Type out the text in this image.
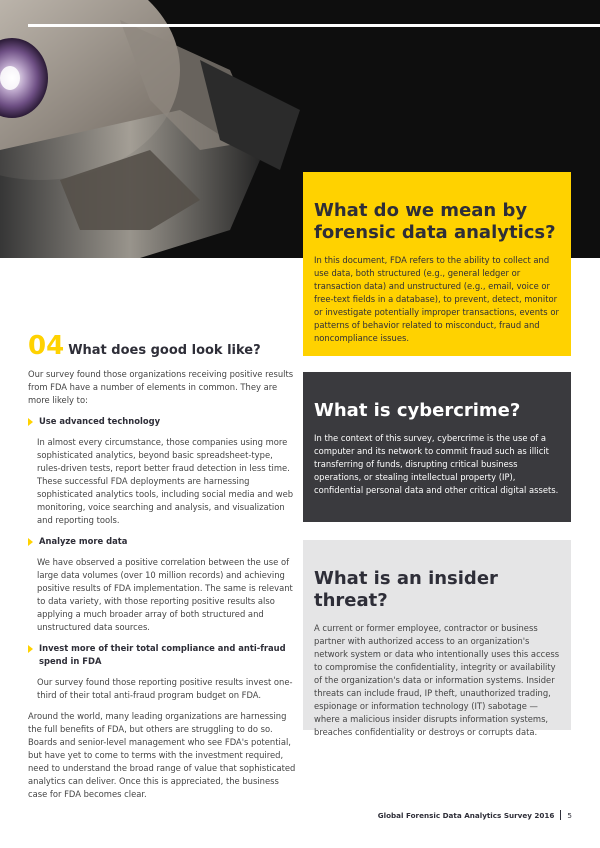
What do we mean by forensic data analytics?

In this document, FDA refers to the ability to collect and use data, both structured (e.g., general ledger or transaction data) and unstructured (e.g., email, voice or free-text fields in a database), to prevent, detect, monitor or investigate potentially improper transactions, events or patterns of behavior related to misconduct, fraud and noncompliance issues.

04 What does good look like?

Our survey found those organizations receiving positive results from FDA have a number of elements in common. They are more likely to:

Use advanced technology

In almost every circumstance, those companies using more sophisticated analytics, beyond basic spreadsheet-type, rules-driven tests, report better fraud detection in less time. These successful FDA deployments are harnessing sophisticated analytics tools, including social media and web monitoring, voice searching and analysis, and visualization and reporting tools.

Analyze more data

We have observed a positive correlation between the use of large data volumes (over 10 million records) and achieving positive results of FDA implementation. The same is relevant to data variety, with those reporting positive results also applying a much broader array of both structured and unstructured data sources.

Invest more of their total compliance and anti-fraud spend in FDA

Our survey found those reporting positive results invest one-third of their total anti-fraud program budget on FDA.

Around the world, many leading organizations are harnessing the full benefits of FDA, but others are struggling to do so. Boards and senior-level management who see FDA's potential, but have yet to come to terms with the investment required, need to understand the broad range of value that sophisticated analytics can deliver. Once this is appreciated, the business case for FDA becomes clear.

What is cybercrime?

In the context of this survey, cybercrime is the use of a computer and its network to commit fraud such as illicit transferring of funds, disrupting critical business operations, or stealing intellectual property (IP), confidential personal data and other critical digital assets.

What is an insider threat?

A current or former employee, contractor or business partner with authorized access to an organization's network system or data who intentionally uses this access to compromise the confidentiality, integrity or availability of the organization's data or information systems. Insider threats can include fraud, IP theft, unauthorized trading, espionage or information technology (IT) sabotage — where a malicious insider disrupts information systems, breaches confidentiality or destroys or corrupts data.

Global Forensic Data Analytics Survey 2016 5
